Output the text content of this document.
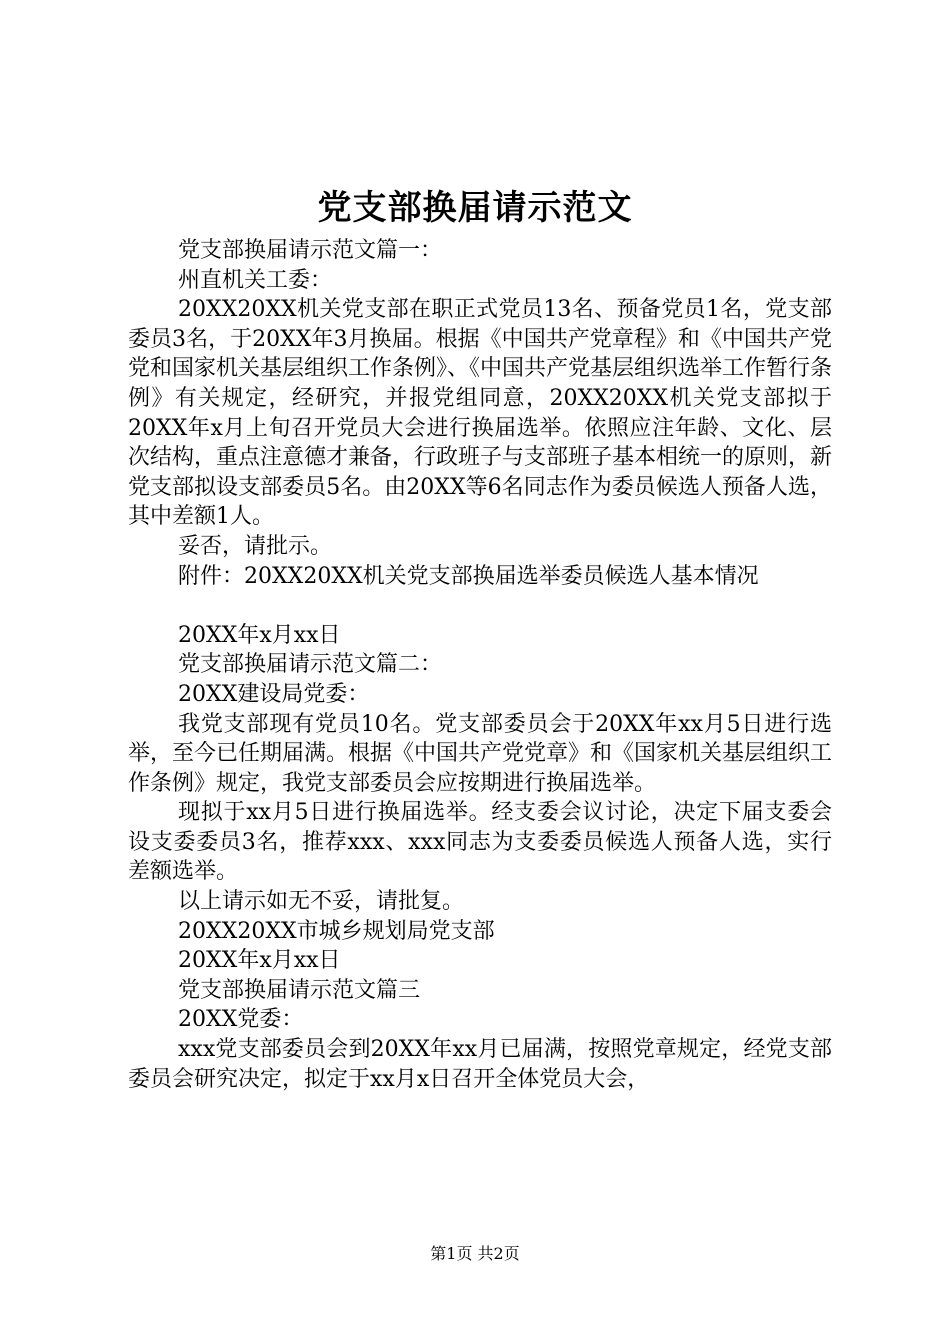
党支部换届请示范文

党支部换届请示范文篇一：

州直机关工委：

20XX20XX机关党支部在职正式党员13名、预备党员1名，党支部委员3名，于20XX年3月换届。根据《中国共产党章程》和《中国共产党党和国家机关基层组织工作条例》、《中国共产党基层组织选举工作暂行条例》有关规定，经研究，并报党组同意，20XX20XX机关党支部拟于20XX年x月上旬召开党员大会进行换届选举。依照应注年龄、文化、层次结构，重点注意德才兼备，行政班子与支部班子基本相统一的原则，新党支部拟设支部委员5名。由20XX等6名同志作为委员候选人预备人选，其中差额1人。

妥否，请批示。

附件：20XX20XX机关党支部换届选举委员候选人基本情况

20XX年x月xx日

党支部换届请示范文篇二：

20XX建设局党委：

我党支部现有党员10名。党支部委员会于20XX年xx月5日进行选举，至今已任期届满。根据《中国共产党党章》和《国家机关基层组织工作条例》规定，我党支部委员会应按期进行换届选举。

现拟于xx月5日进行换届选举。经支委会议讨论，决定下届支委会设支委委员3名，推荐xxx、xxx同志为支委委员候选人预备人选，实行差额选举。

以上请示如无不妥，请批复。

20XX20XX市城乡规划局党支部

20XX年x月xx日

党支部换届请示范文篇三

20XX党委：

xxx党支部委员会到20XX年xx月已届满，按照党章规定，经党支部委员会研究决定，拟定于xx月x日召开全体党员大会，

第1页 共2页
